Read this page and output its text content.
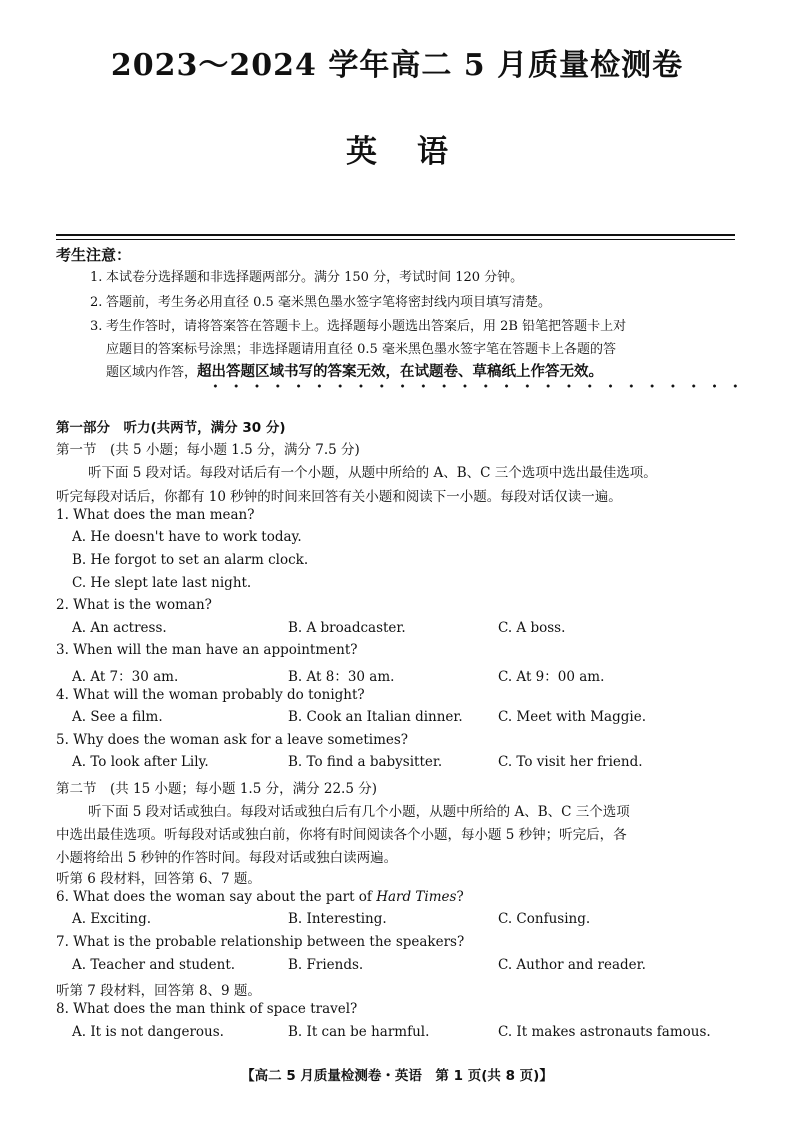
2023～2024 学年高二 5 月质量检测卷
英语
考生注意：
1. 本试卷分选择题和非选择题两部分。满分 150 分，考试时间 120 分钟。
2. 答题前，考生务必用直径 0.5 毫米黑色墨水签字笔将密封线内项目填写清楚。
3. 考生作答时，请将答案答在答题卡上。选择题每小题选出答案后，用 2B 铅笔把答题卡上对
应题目的答案标号涂黑；非选择题请用直径 0.5 毫米黑色墨水签字笔在答题卡上各题的答
题区域内作答，超出答题区域书写的答案无效，在试题卷、草稿纸上作答无效。
第一部分　听力(共两节，满分 30 分)
第一节　(共 5 小题；每小题 1.5 分，满分 7.5 分)
听下面 5 段对话。每段对话后有一个小题，从题中所给的 A、B、C 三个选项中选出最佳选项。
听完每段对话后，你都有 10 秒钟的时间来回答有关小题和阅读下一小题。每段对话仅读一遍。
1. What does the man mean?
A. He doesn't have to work today.
B. He forgot to set an alarm clock.
C. He slept late last night.
2. What is the woman?
A. An actress.	B. A broadcaster.	C. A boss.
3. When will the man have an appointment?
A. At 7：30 am.	B. At 8：30 am.	C. At 9：00 am.
4. What will the woman probably do tonight?
A. See a film.	B. Cook an Italian dinner.	C. Meet with Maggie.
5. Why does the woman ask for a leave sometimes?
A. To look after Lily.	B. To find a babysitter.	C. To visit her friend.
第二节　(共 15 小题；每小题 1.5 分，满分 22.5 分)
听下面 5 段对话或独白。每段对话或独白后有几个小题，从题中所给的 A、B、C 三个选项
中选出最佳选项。听每段对话或独白前，你将有时间阅读各个小题，每小题 5 秒钟；听完后，各
小题将给出 5 秒钟的作答时间。每段对话或独白读两遍。
听第 6 段材料，回答第 6、7 题。
6. What does the woman say about the part of Hard Times?
A. Exciting.	B. Interesting.	C. Confusing.
7. What is the probable relationship between the speakers?
A. Teacher and student.	B. Friends.	C. Author and reader.
听第 7 段材料，回答第 8、9 题。
8. What does the man think of space travel?
A. It is not dangerous.	B. It can be harmful.	C. It makes astronauts famous.
【高二 5 月质量检测卷・英语　第 1 页(共 8 页)】
